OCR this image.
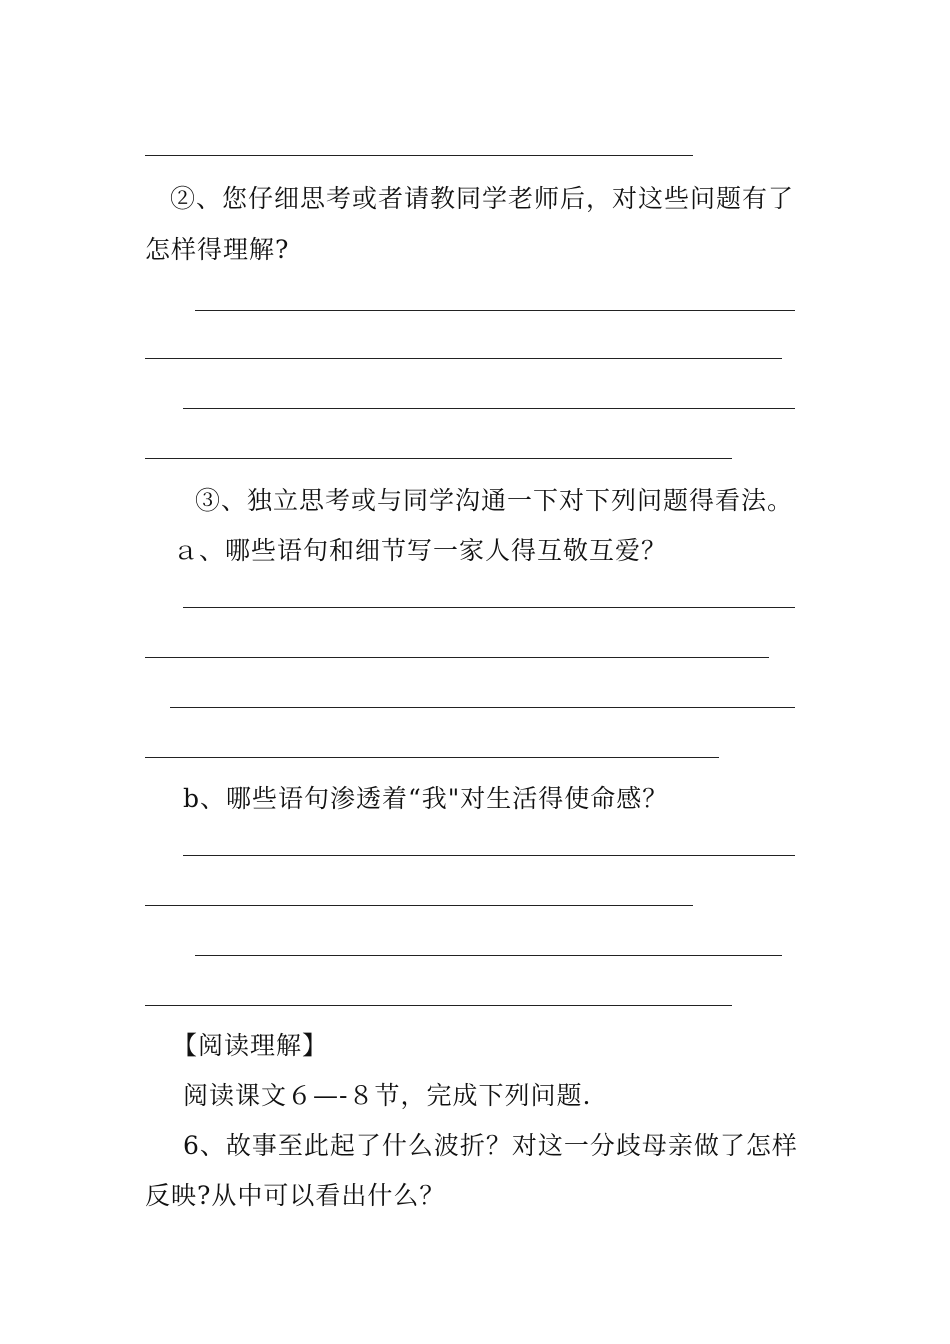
②、您仔细思考或者请教同学老师后，对这些问题有了
怎样得理解?
③、独立思考或与同学沟通一下对下列问题得看法。
ａ、哪些语句和细节写一家人得互敬互爱？
b、哪些语句渗透着“我"对生活得使命感？
【阅读理解】
阅读课文６—-８节，完成下列问题.
6、故事至此起了什么波折？对这一分歧母亲做了怎样
反映?从中可以看出什么？
